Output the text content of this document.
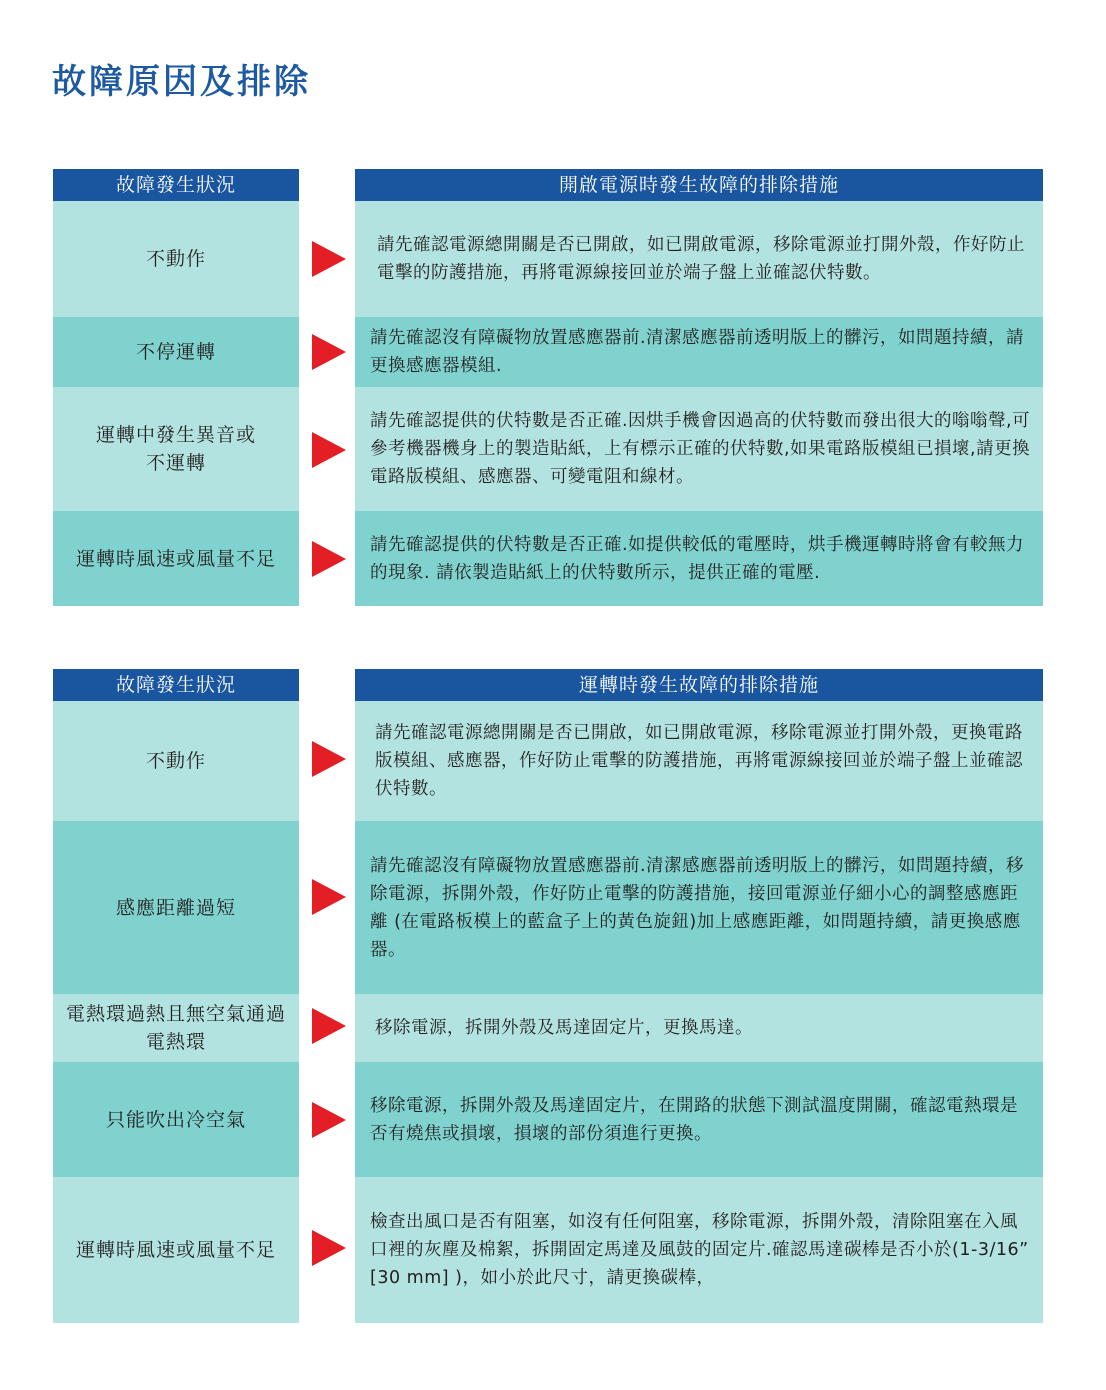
故障原因及排除
故障發生狀況	開啟電源時發生故障的排除措施
不動作
請先確認電源總開關是否已開啟，如已開啟電源，移除電源並打開外殼，作好防止電擊的防護措施，再將電源線接回並於端子盤上並確認伏特數。
不停運轉
請先確認沒有障礙物放置感應器前.清潔感應器前透明版上的髒污，如問題持續，請更換感應器模組.
運轉中發生異音或
不運轉
請先確認提供的伏特數是否正確.因烘手機會因過高的伏特數而發出很大的嗡嗡聲,可參考機器機身上的製造貼紙，上有標示正確的伏特數,如果電路版模組已損壞,請更換電路版模組、感應器、可變電阻和線材。
運轉時風速或風量不足
請先確認提供的伏特數是否正確.如提供較低的電壓時，烘手機運轉時將會有較無力的現象. 請依製造貼紙上的伏特數所示，提供正確的電壓.
故障發生狀況	運轉時發生故障的排除措施
不動作
請先確認電源總開關是否已開啟，如已開啟電源，移除電源並打開外殼，更換電路版模組、感應器，作好防止電擊的防護措施，再將電源線接回並於端子盤上並確認伏特數。
感應距離過短
請先確認沒有障礙物放置感應器前.清潔感應器前透明版上的髒污，如問題持續，移除電源，拆開外殼，作好防止電擊的防護措施，接回電源並仔細小心的調整感應距離 (在電路板模上的藍盒子上的黃色旋鈕)加上感應距離，如問題持續，請更換感應器。
電熱環過熱且無空氣通過
電熱環
移除電源，拆開外殼及馬達固定片，更換馬達。
只能吹出冷空氣
移除電源，拆開外殼及馬達固定片，在開路的狀態下測試溫度開關，確認電熱環是否有燒焦或損壞，損壞的部份須進行更換。
運轉時風速或風量不足
檢查出風口是否有阻塞，如沒有任何阻塞，移除電源，拆開外殼，清除阻塞在入風口裡的灰塵及棉絮，拆開固定馬達及風鼓的固定片.確認馬達碳棒是否小於(1-3/16” [30 mm] )，如小於此尺寸，請更換碳棒，
